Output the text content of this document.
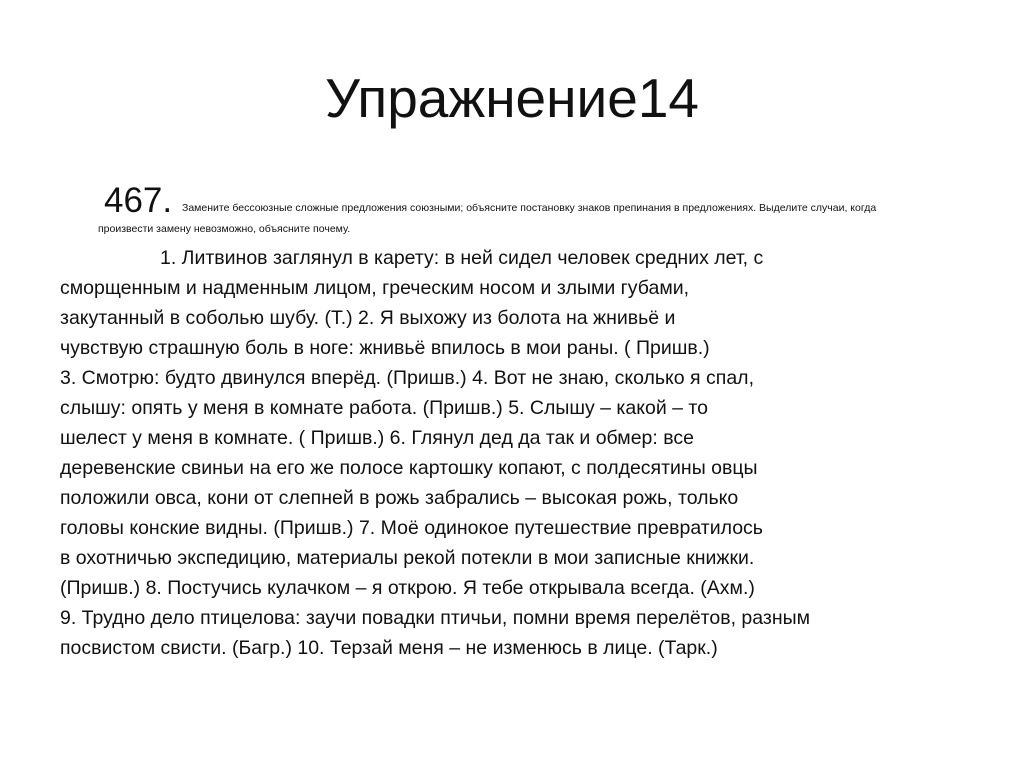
Упражнение14
467. Замените бессоюзные сложные предложения союзными; объясните постановку знаков препинания в предложениях. Выделите случаи, когда
произвести замену невозможно, объясните почему.
1. Литвинов заглянул в карету: в ней сидел человек средних лет, с
сморщенным и надменным лицом, греческим носом и злыми губами,
закутанный в соболью шубу. (Т.) 2. Я выхожу из болота на жнивьё и
чувствую страшную боль в ноге: жнивьё впилось в мои раны. ( Пришв.)
3. Смотрю: будто двинулся вперёд. (Пришв.) 4. Вот не знаю, сколько я спал,
слышу: опять у меня в комнате работа. (Пришв.) 5. Слышу – какой – то
шелест у меня в комнате. ( Пришв.) 6. Глянул дед да так и обмер: все
деревенские свиньи на его же полосе картошку копают, с полдесятины овцы
положили овса, кони от слепней в рожь забрались – высокая рожь, только
головы конские видны. (Пришв.) 7. Моё одинокое путешествие превратилось
в охотничью экспедицию, материалы рекой потекли в мои записные книжки.
(Пришв.) 8. Постучись кулачком – я открою. Я тебе открывала всегда. (Ахм.)
9. Трудно дело птицелова: заучи повадки птичьи, помни время перелётов, разным
посвистом свисти. (Багр.) 10. Терзай меня – не изменюсь в лице. (Тарк.)
